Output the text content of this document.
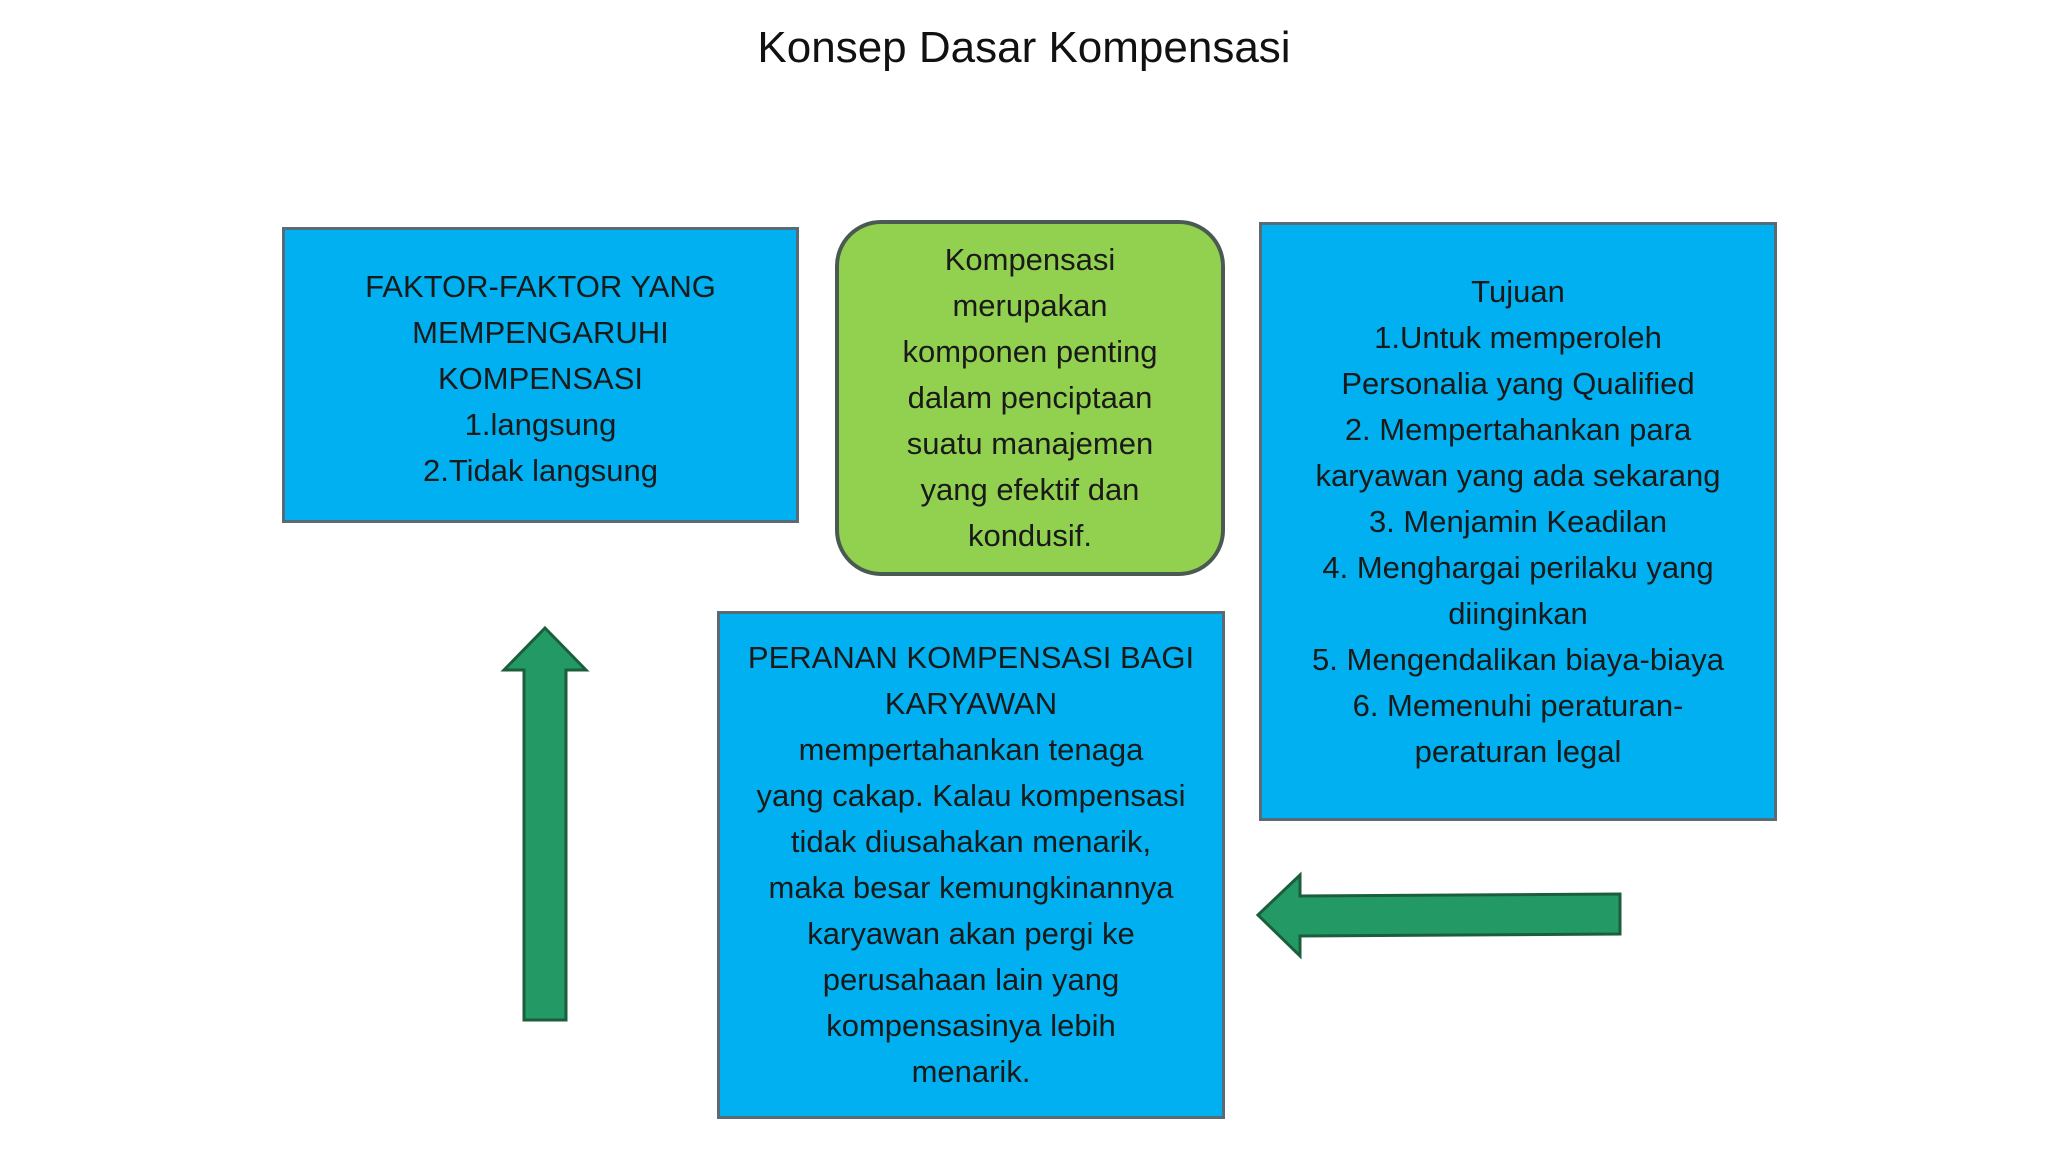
Konsep Dasar Kompensasi
FAKTOR-FAKTOR YANG
MEMPENGARUHI
KOMPENSASI
1.langsung
2.Tidak langsung
Kompensasi
merupakan
komponen penting
dalam penciptaan
suatu manajemen
yang efektif dan
kondusif.
Tujuan
1.Untuk memperoleh
Personalia yang Qualified
2. Mempertahankan para
karyawan yang ada sekarang
3. Menjamin Keadilan
4. Menghargai perilaku yang
diinginkan
5. Mengendalikan biaya-biaya
6. Memenuhi peraturan-
peraturan legal
PERANAN KOMPENSASI BAGI
KARYAWAN
mempertahankan tenaga
yang cakap. Kalau kompensasi
tidak diusahakan menarik,
maka besar kemungkinannya
karyawan akan pergi ke
perusahaan lain yang
kompensasinya lebih
menarik.
